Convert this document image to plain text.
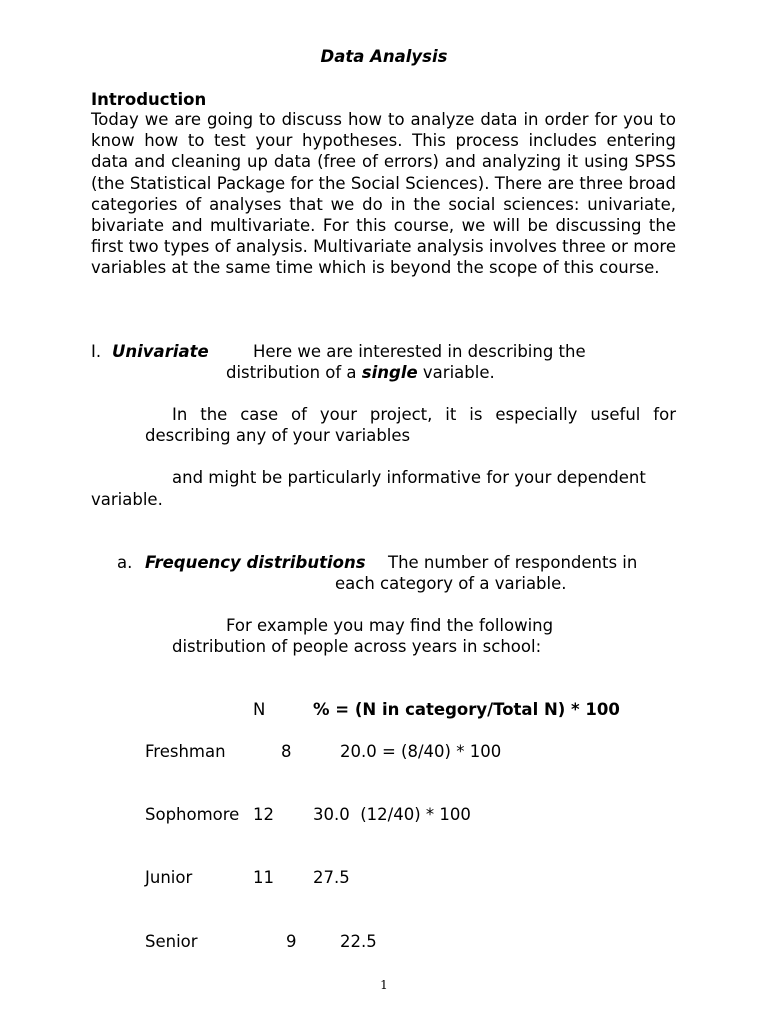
Data Analysis
Introduction
Today we are going to discuss how to analyze data in order for you to know how to test your hypotheses. This process includes entering data and cleaning up data (free of errors) and analyzing it using SPSS (the Statistical Package for the Social Sciences). There are three broad categories of analyses that we do in the social sciences: univariate, bivariate and multivariate. For this course, we will be discussing the first two types of analysis. Multivariate analysis involves three or more variables at the same time which is beyond the scope of this course.
I. Univariate	Here we are interested in describing the
distribution of a single variable.
In the case of your project, it is especially useful for describing any of your variables
and might be particularly informative for your dependent
variable.
a. Frequency distributions The number of respondents in
each category of a variable.
For example you may find the following
distribution of people across years in school:
N	% = (N in category/Total N) * 100
Freshman	8	20.0 = (8/40) * 100
Sophomore 12 30.0  (12/40) * 100
Junior	11 27.5
Senior	9	22.5
1
